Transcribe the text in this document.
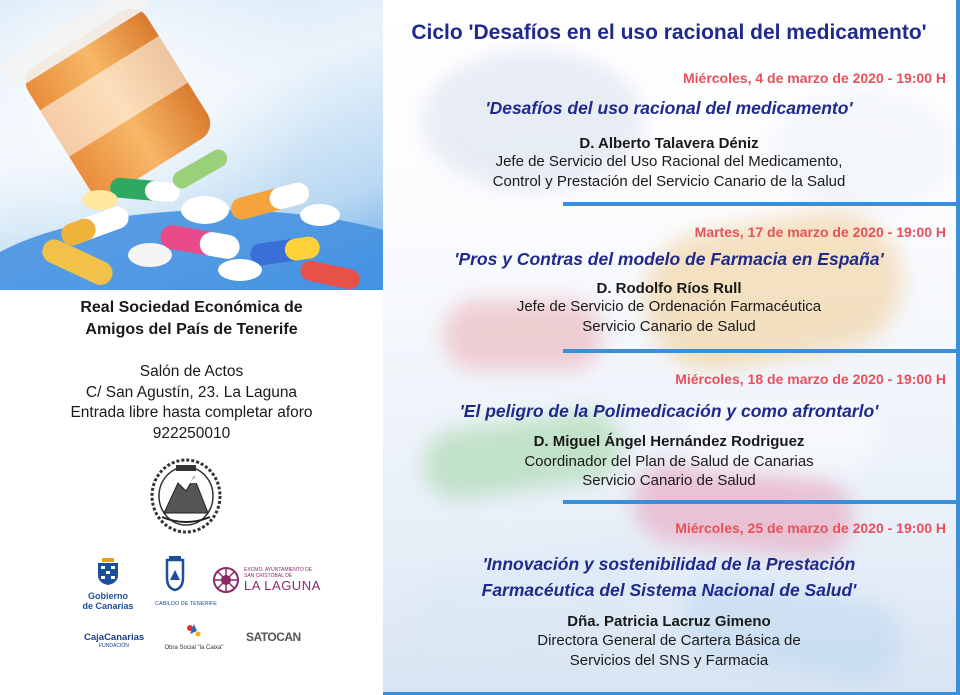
Real Sociedad Económica de
Amigos del País de Tenerife
Salón de Actos
C/ San Agustín, 23. La Laguna
Entrada libre hasta completar aforo
922250010
Gobierno
de Canarias	CABILDO DE TENERIFE
EXCMO. AYUNTAMIENTO DE
SAN CRISTÓBAL DE
LA LAGUNA
CajaCanarias
FUNDACIÓN	Obra Social "la Caixa"
SATOCAN
Ciclo 'Desafíos en el uso racional del medicamento'
Miércoles, 4 de marzo de 2020 - 19:00 H
'Desafíos del uso racional del medicamento'
D. Alberto Talavera Déniz
Jefe de Servicio del Uso Racional del Medicamento,
Control y Prestación del Servicio Canario de la Salud
Martes, 17 de marzo de 2020 - 19:00 H
'Pros y Contras del modelo de Farmacia en España'
D. Rodolfo Ríos Rull
Jefe de Servicio de Ordenación Farmacéutica
Servicio Canario de Salud
Miércoles, 18 de marzo de 2020 - 19:00 H
'El peligro de la Polimedicación y como afrontarlo'
D. Miguel Ángel Hernández Rodriguez
Coordinador del Plan de Salud de Canarias
Servicio Canario de Salud
Miércoles, 25 de marzo de 2020 - 19:00 H
'Innovación y sostenibilidad de la Prestación
Farmacéutica del Sistema Nacional de Salud'
Dña. Patricia Lacruz Gimeno
Directora General de Cartera Básica de
Servicios del SNS y Farmacia
